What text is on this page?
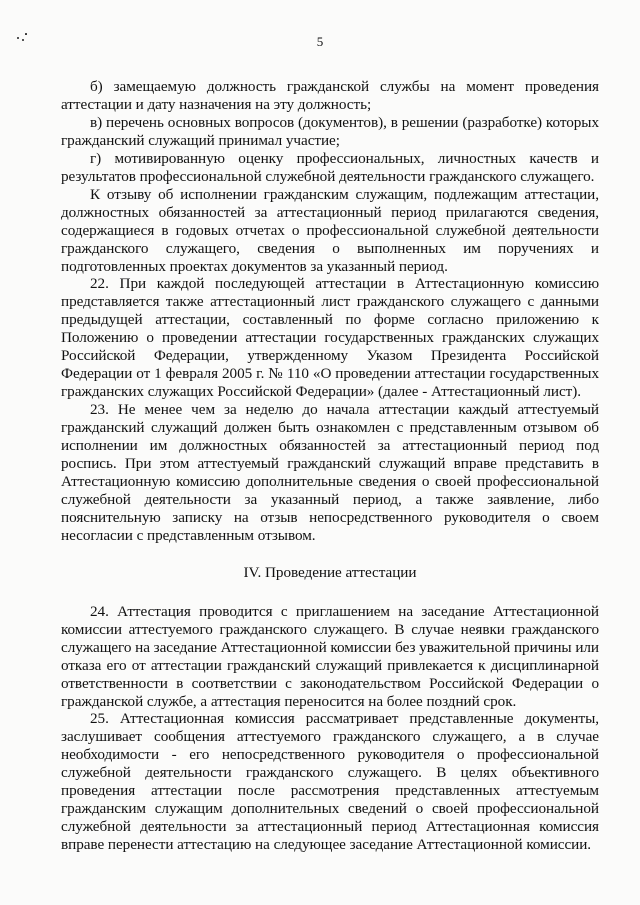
5

б) замещаемую должность гражданской службы на момент проведения аттестации и дату назначения на эту должность;

в) перечень основных вопросов (документов), в решении (разработке) которых гражданский служащий принимал участие;

г) мотивированную оценку профессиональных, личностных качеств и результатов профессиональной служебной деятельности гражданского служащего.

К отзыву об исполнении гражданским служащим, подлежащим аттестации, должностных обязанностей за аттестационный период прилагаются сведения, содержащиеся в годовых отчетах о профессиональной служебной деятельности гражданского служащего, сведения о выполненных им поручениях и подготовленных проектах документов за указанный период.

22. При каждой последующей аттестации в Аттестационную комиссию представляется также аттестационный лист гражданского служащего с данными предыдущей аттестации, составленный по форме согласно приложению к Положению о проведении аттестации государственных гражданских служащих Российской Федерации, утвержденному Указом Президента Российской Федерации от 1 февраля 2005 г. № 110 «О проведении аттестации государственных гражданских служащих Российской Федерации» (далее - Аттестационный лист).

23. Не менее чем за неделю до начала аттестации каждый аттестуемый гражданский служащий должен быть ознакомлен с представленным отзывом об исполнении им должностных обязанностей за аттестационный период под роспись. При этом аттестуемый гражданский служащий вправе представить в Аттестационную комиссию дополнительные сведения о своей профессиональной служебной деятельности за указанный период, а также заявление, либо пояснительную записку на отзыв непосредственного руководителя о своем несогласии с представленным отзывом.

IV. Проведение аттестации

24. Аттестация проводится с приглашением на заседание Аттестационной комиссии аттестуемого гражданского служащего. В случае неявки гражданского служащего на заседание Аттестационной комиссии без уважительной причины или отказа его от аттестации гражданский служащий привлекается к дисциплинарной ответственности в соответствии с законодательством Российской Федерации о гражданской службе, а аттестация переносится на более поздний срок.

25. Аттестационная комиссия рассматривает представленные документы, заслушивает сообщения аттестуемого гражданского служащего, а в случае необходимости - его непосредственного руководителя о профессиональной служебной деятельности гражданского служащего. В целях объективного проведения аттестации после рассмотрения представленных аттестуемым гражданским служащим дополнительных сведений о своей профессиональной служебной деятельности за аттестационный период Аттестационная комиссия вправе перенести аттестацию на следующее заседание Аттестационной комиссии.
